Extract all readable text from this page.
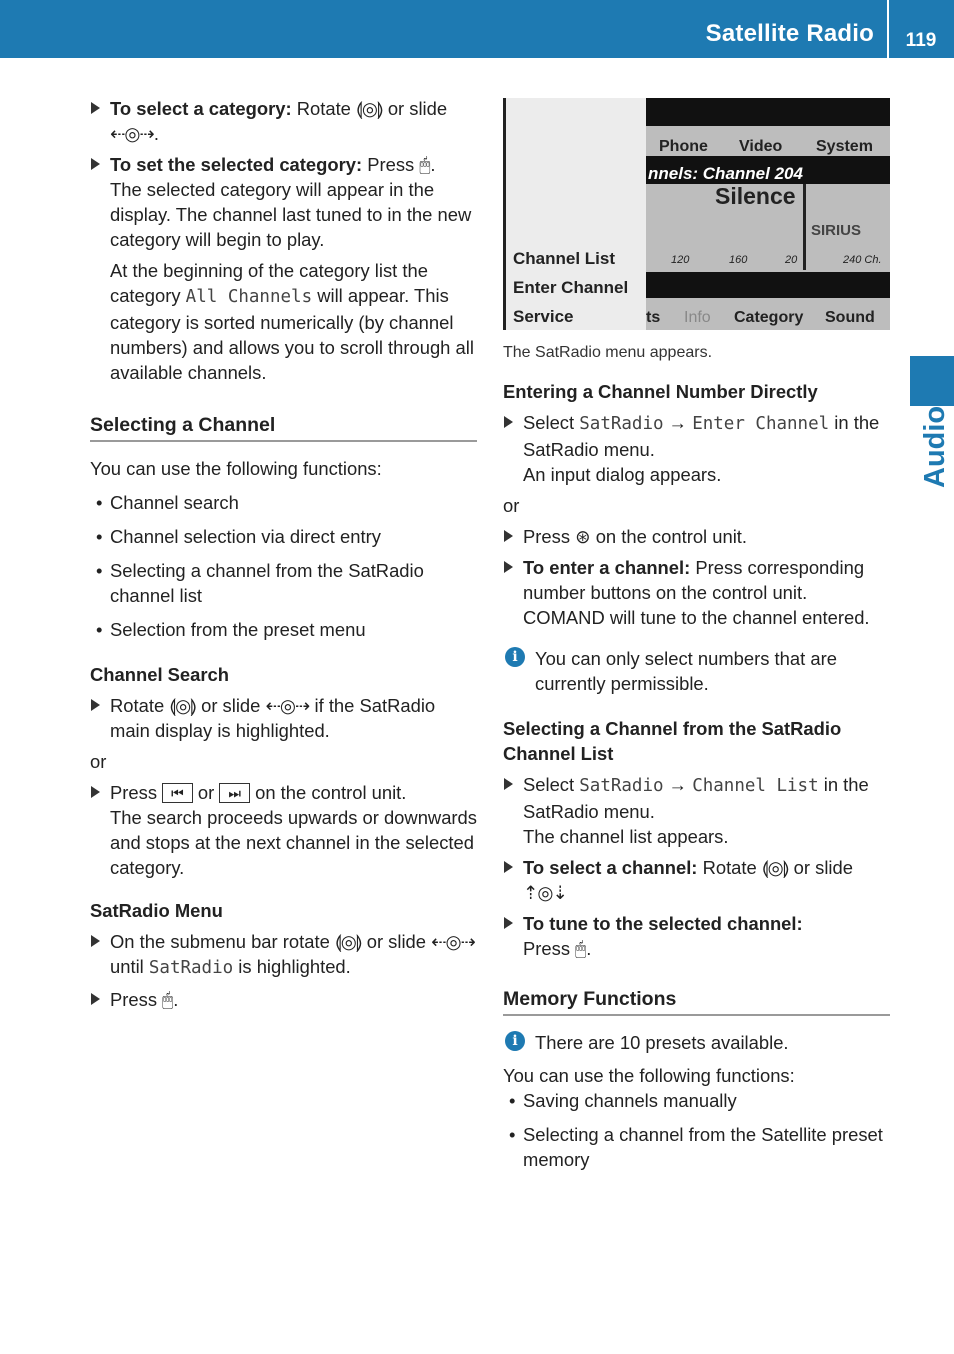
Satellite Radio	119
Audio
To select a category: Rotate ⟬◎⟭ or slide ⇠◎⇢.
To set the selected category: Press 🖱.
The selected category will appear in the display. The channel last tuned to in the new category will begin to play.
At the beginning of the category list the category All Channels will appear. This category is sorted numerically (by channel numbers) and allows you to scroll through all available channels.
Selecting a Channel
You can use the following functions:
• Channel search
• Channel selection via direct entry
• Selecting a channel from the SatRadio channel list
• Selection from the preset menu
Channel Search
Rotate ⟬◎⟭ or slide ⇠◎⇢ if the SatRadio main display is highlighted.
or
Press ⏮ or ⏭ on the control unit.
The search proceeds upwards or downwards and stops at the next channel in the selected category.
SatRadio Menu
On the submenu bar rotate ⟬◎⟭ or slide ⇠◎⇢ until SatRadio is highlighted.
Press 🖱.
Channel List
Enter Channel
Service
Phone Video System
nnels: Channel 204
Silence
SIRIUS
120	160	20	240 Ch.
ts Info Category Sound
The SatRadio menu appears.
Entering a Channel Number Directly
Select SatRadio → Enter Channel in the SatRadio menu.
An input dialog appears.
or
Press ⊛ on the control unit.
To enter a channel: Press corresponding number buttons on the control unit.
COMAND will tune to the channel entered.
i You can only select numbers that are currently permissible.
Selecting a Channel from the SatRadio Channel List
Select SatRadio → Channel List in the SatRadio menu.
The channel list appears.
To select a channel: Rotate ⟬◎⟭ or slide ⇡◎⇣
To tune to the selected channel:
Press 🖱.
Memory Functions
i There are 10 presets available.
You can use the following functions:
• Saving channels manually
• Selecting a channel from the Satellite preset memory
